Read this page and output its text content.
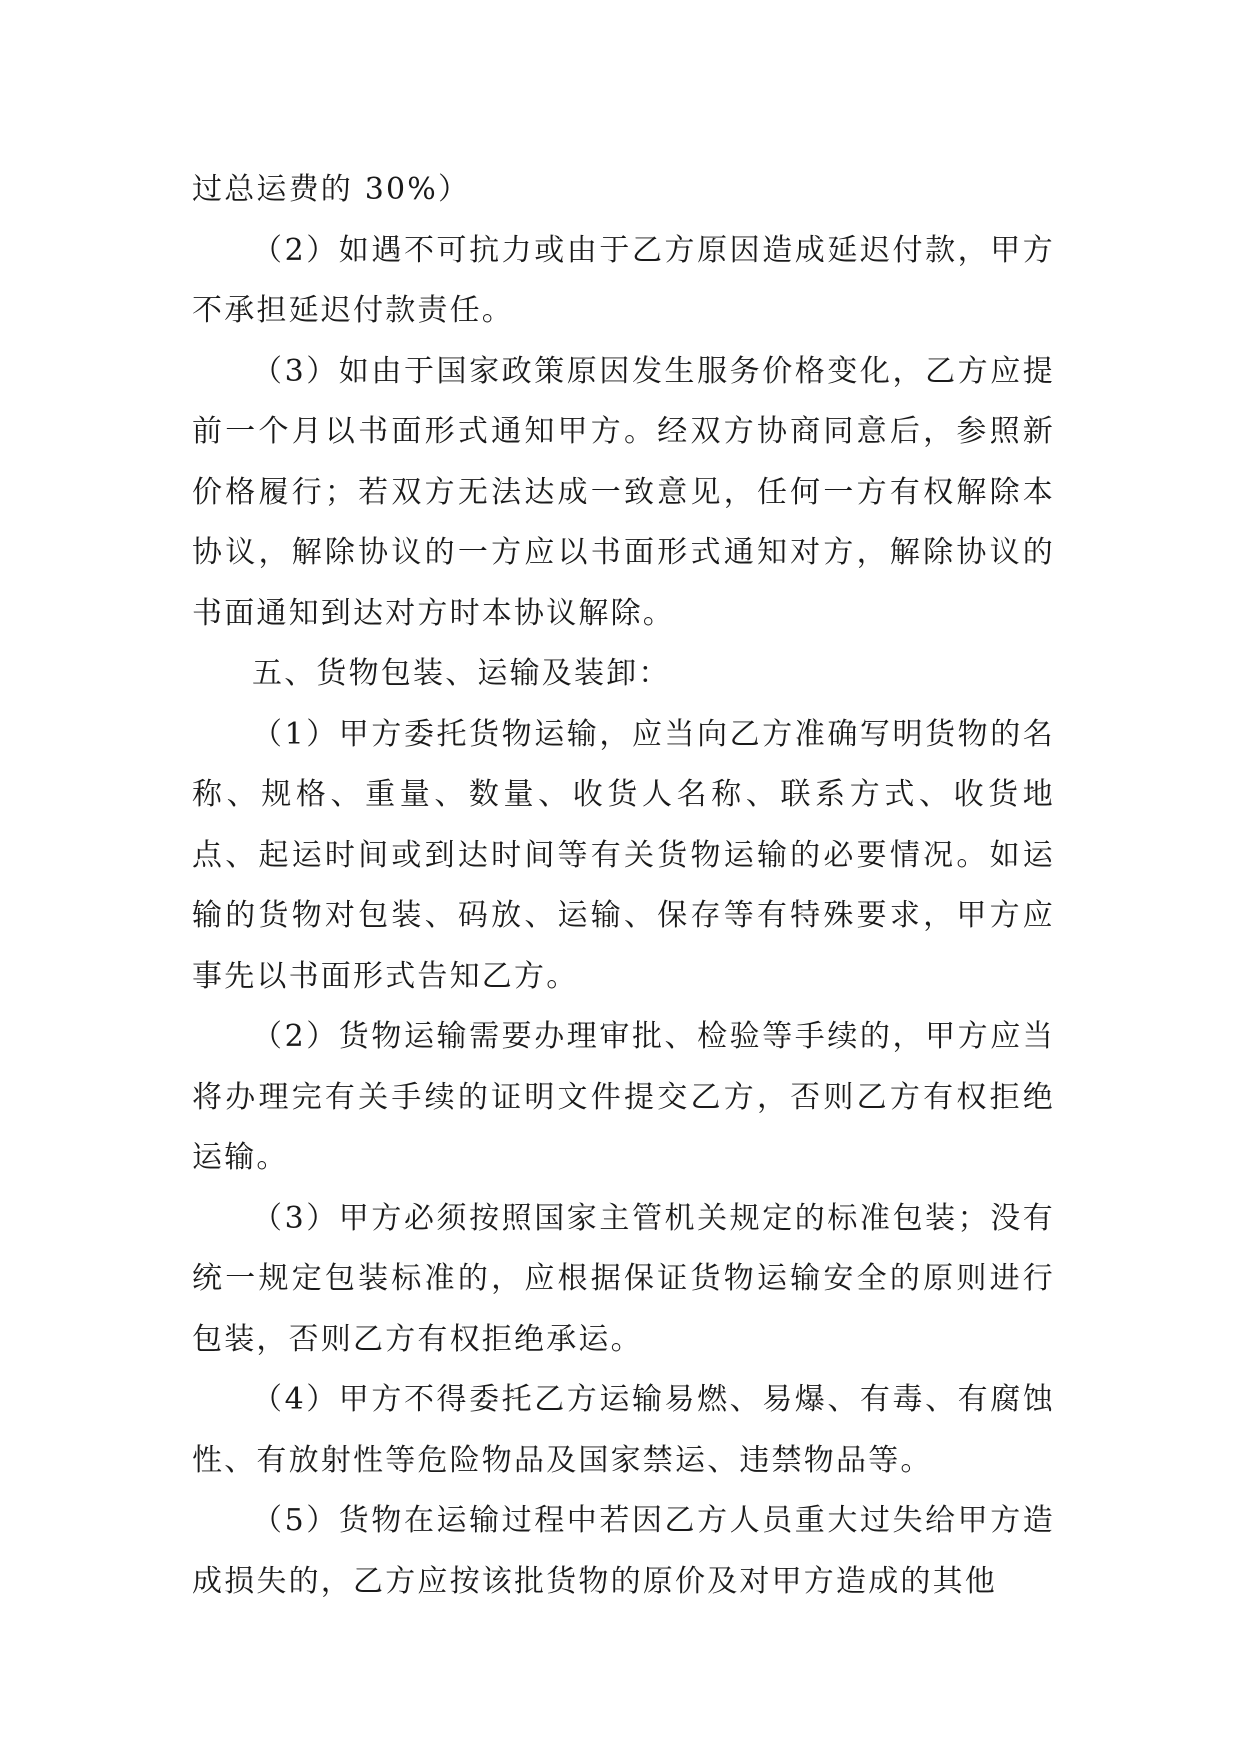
过总运费的 30%）

（2）如遇不可抗力或由于乙方原因造成延迟付款，甲方不承担延迟付款责任。

（3）如由于国家政策原因发生服务价格变化，乙方应提前一个月以书面形式通知甲方。经双方协商同意后，参照新价格履行；若双方无法达成一致意见，任何一方有权解除本协议，解除协议的一方应以书面形式通知对方，解除协议的书面通知到达对方时本协议解除。

五、货物包装、运输及装卸：

（1）甲方委托货物运输，应当向乙方准确写明货物的名称、规格、重量、数量、收货人名称、联系方式、收货地点、起运时间或到达时间等有关货物运输的必要情况。如运输的货物对包装、码放、运输、保存等有特殊要求，甲方应事先以书面形式告知乙方。

（2）货物运输需要办理审批、检验等手续的，甲方应当将办理完有关手续的证明文件提交乙方，否则乙方有权拒绝运输。

（3）甲方必须按照国家主管机关规定的标准包装；没有统一规定包装标准的，应根据保证货物运输安全的原则进行包装，否则乙方有权拒绝承运。

（4）甲方不得委托乙方运输易燃、易爆、有毒、有腐蚀性、有放射性等危险物品及国家禁运、违禁物品等。

（5）货物在运输过程中若因乙方人员重大过失给甲方造成损失的，乙方应按该批货物的原价及对甲方造成的其他
